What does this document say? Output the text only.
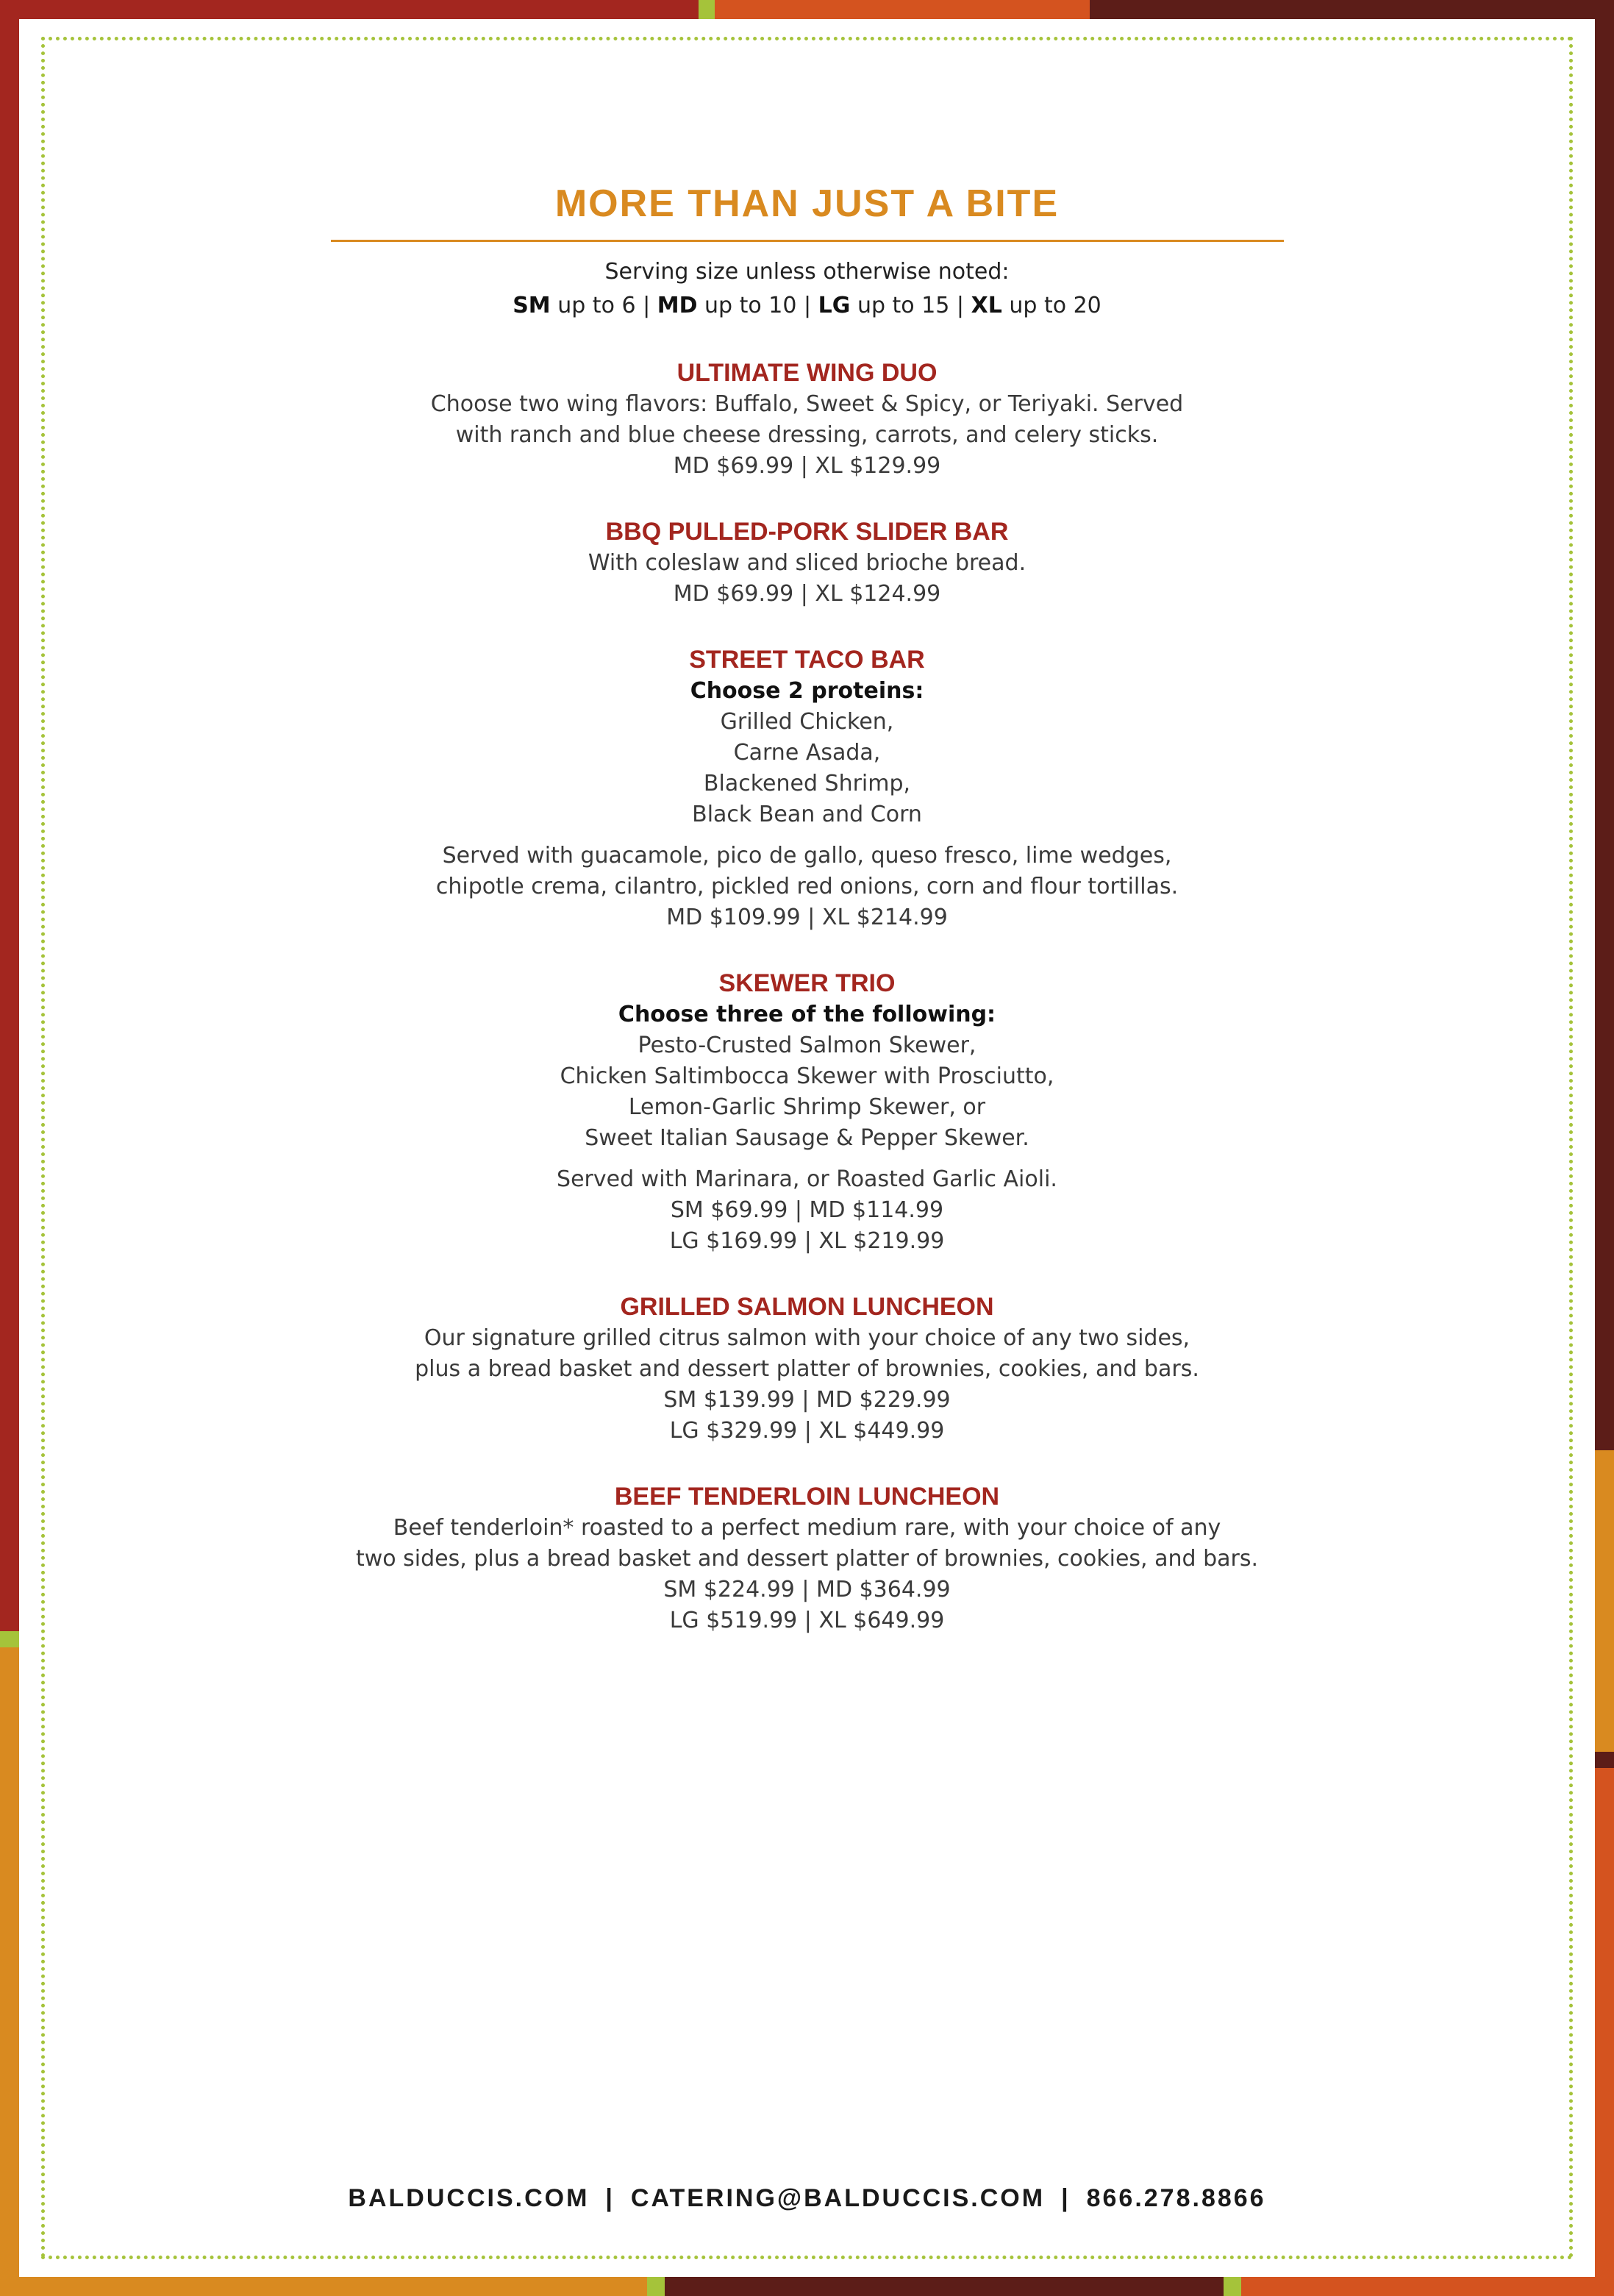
MORE THAN JUST A BITE
Serving size unless otherwise noted:
SM up to 6 | MD up to 10 | LG up to 15 | XL up to 20
ULTIMATE WING DUO
Choose two wing flavors: Buffalo, Sweet & Spicy, or Teriyaki. Served
with ranch and blue cheese dressing, carrots, and celery sticks.
MD $69.99 | XL $129.99
BBQ PULLED-PORK SLIDER BAR
With coleslaw and sliced brioche bread.
MD $69.99 | XL $124.99
STREET TACO BAR
Choose 2 proteins:
Grilled Chicken,
Carne Asada,
Blackened Shrimp,
Black Bean and Corn
Served with guacamole, pico de gallo, queso fresco, lime wedges,
chipotle crema, cilantro, pickled red onions, corn and flour tortillas.
MD $109.99 | XL $214.99
SKEWER TRIO
Choose three of the following:
Pesto-Crusted Salmon Skewer,
Chicken Saltimbocca Skewer with Prosciutto,
Lemon-Garlic Shrimp Skewer, or
Sweet Italian Sausage & Pepper Skewer.
Served with Marinara, or Roasted Garlic Aioli.
SM $69.99 | MD $114.99
LG $169.99 | XL $219.99
GRILLED SALMON LUNCHEON
Our signature grilled citrus salmon with your choice of any two sides,
plus a bread basket and dessert platter of brownies, cookies, and bars.
SM $139.99 | MD $229.99
LG $329.99 | XL $449.99
BEEF TENDERLOIN LUNCHEON
Beef tenderloin* roasted to a perfect medium rare, with your choice of any
two sides, plus a bread basket and dessert platter of brownies, cookies, and bars.
SM $224.99 | MD $364.99
LG $519.99 | XL $649.99
BALDUCCIS.COM | CATERING@BALDUCCIS.COM | 866.278.8866
